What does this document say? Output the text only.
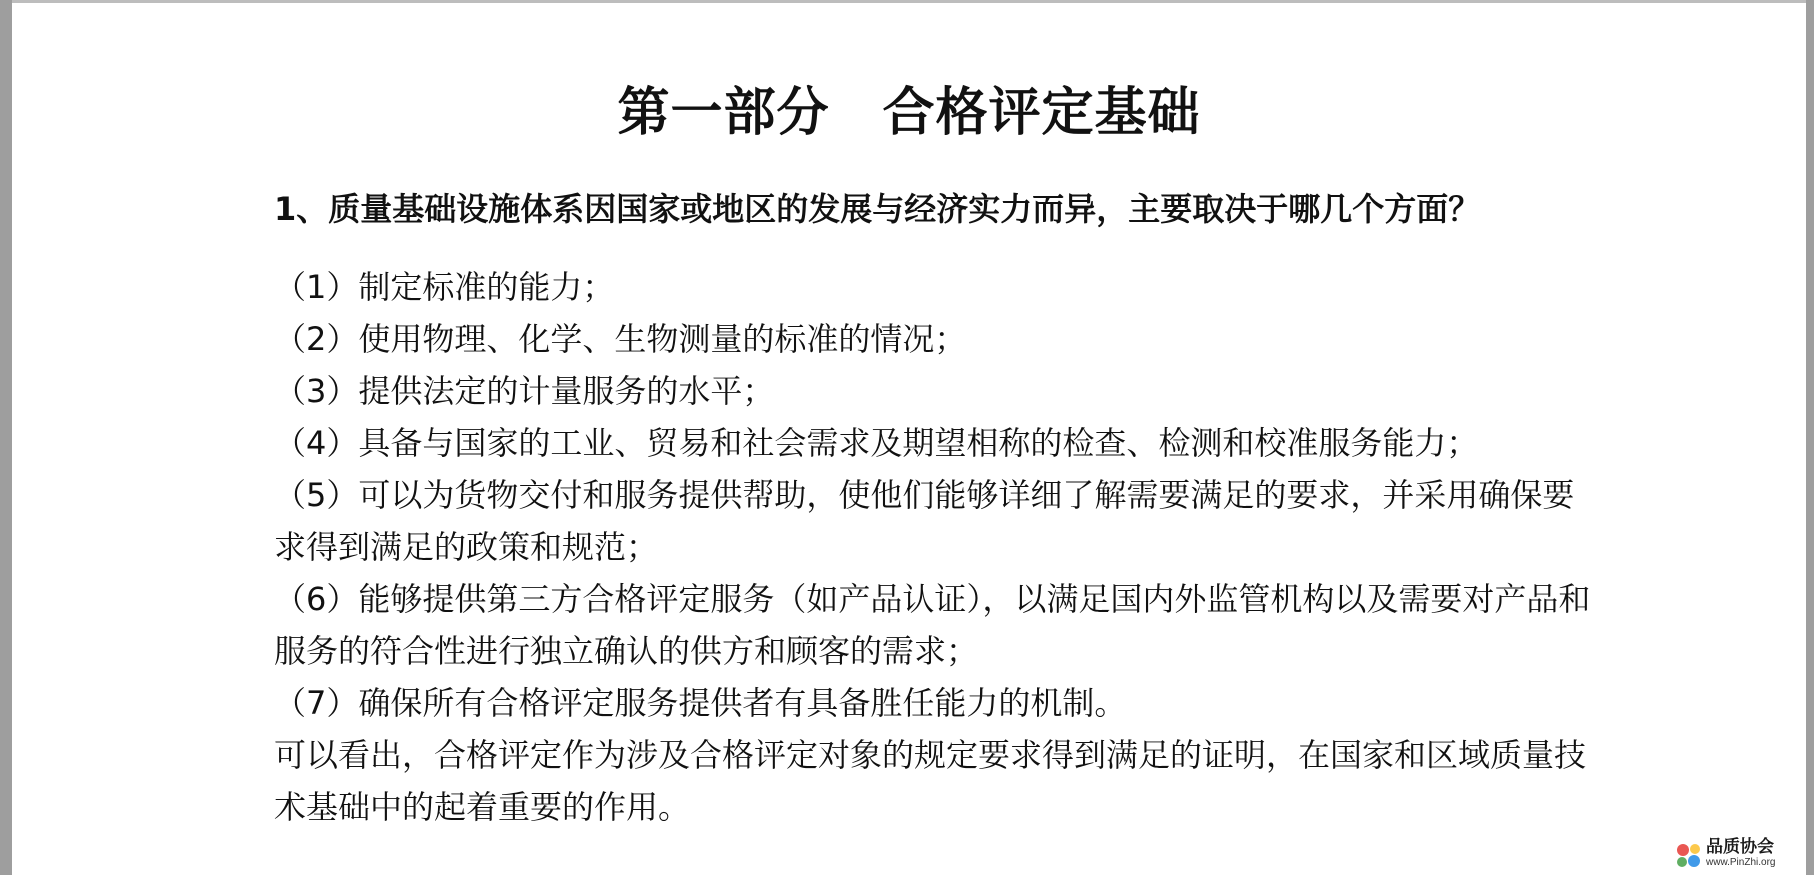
第一部分　合格评定基础
1、质量基础设施体系因国家或地区的发展与经济实力而异，主要取决于哪几个方面？

（1）制定标准的能力；

（2）使用物理、化学、生物测量的标准的情况；

（3）提供法定的计量服务的水平；

（4）具备与国家的工业、贸易和社会需求及期望相称的检查、检测和校准服务能力；

（5）可以为货物交付和服务提供帮助，使他们能够详细了解需要满足的要求，并采用确保要求得到满足的政策和规范；

（6）能够提供第三方合格评定服务（如产品认证），以满足国内外监管机构以及需要对产品和服务的符合性进行独立确认的供方和顾客的需求；

（7）确保所有合格评定服务提供者有具备胜任能力的机制。

可以看出，合格评定作为涉及合格评定对象的规定要求得到满足的证明，在国家和区域质量技术基础中的起着重要的作用。

品质协会
www.PinZhi.org
